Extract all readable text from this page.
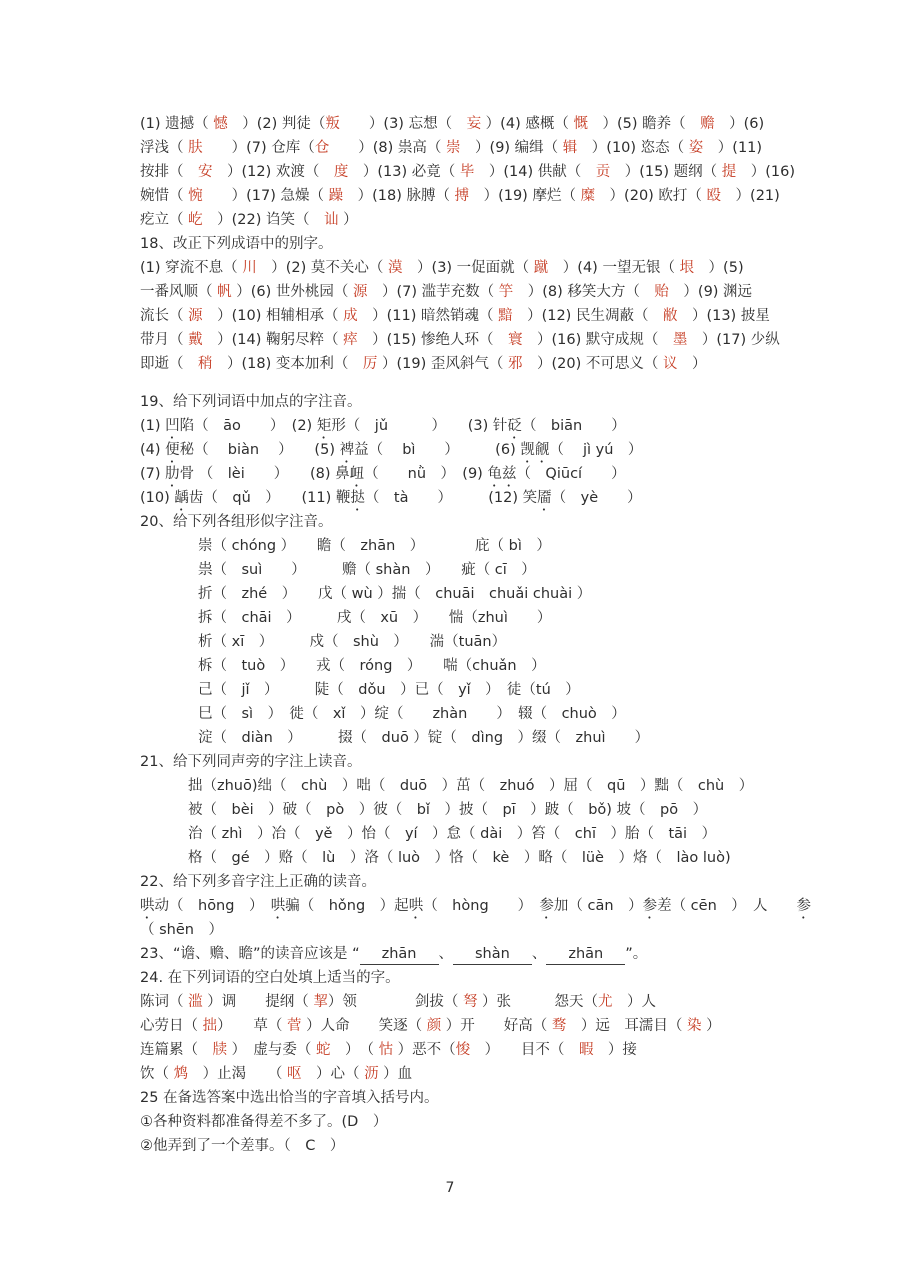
(1) 遗撼（ 憾　）(2) 判徒（叛　　）(3) 忘想（　妄 ）(4) 感概（ 慨　）(5) 瞻养（　赡　）(6)
浮浅（ 肤　　）(7) 仓库（仓　　）(8) 祟高（ 崇　）(9) 编缉（ 辑　）(10) 恣态（ 姿　）(11)
按排（　安　）(12) 欢渡（　度　）(13) 必竟（ 毕　）(14) 供献（　贡　）(15) 题纲（ 提　）(16)
婉惜（ 惋　　）(17) 急燥（ 躁　）(18) 脉膊（ 搏　）(19) 摩烂（ 糜　）(20) 欧打（ 殴　）(21)
疙立（ 屹　）(22) 诌笑（　讪 ）
18、改正下列成语中的别字。
(1) 穿流不息（ 川　）(2) 莫不关心（ 漠　）(3) 一促面就（ 蹴　）(4) 一望无银（ 垠　）(5)
一番风顺（ 帆 ）(6) 世外桃园（ 源　）(7) 滥芋充数（ 竽　）(8) 移笑大方（　贻　）(9) 渊远
流长（ 源　）(10) 相辅相承（ 成　）(11) 暗然销魂（ 黯　）(12) 民生凋蔽（　敝　）(13) 披星
带月（ 戴　）(14) 鞠躬尽粹（ 瘁　）(15) 惨绝人环（　寰　）(16) 默守成规（　墨　）(17) 少纵
即逝（　稍　）(18) 变本加利（　厉 ）(19) 歪风斜气（ 邪　）(20) 不可思义（ 议　）
19、给下列词语中加点的字注音。
(1) 凹陷（　āo　　）　(2) 矩形（　jǔ　　　）　　(3) 针砭（　biān　　）
(4) 便秘（　 biàn　 ）　　(5) 裨益（　 bì　　）　　　(6) 觊觎（　 jì yú　）
(7) 肋骨 （　lèi　　）　　(8) 鼻衄（　　nǜ　）　(9) 龟兹（　Qiūcí　　）
(10) 龋齿（　qǔ　）　　(11) 鞭挞（　tà　　）　　　(12) 笑靥（　yè　　）
20、给下列各组形似字注音。
崇（ chóng ）　　瞻（　zhān　）　　　　庇（ bì　）
祟（　suì　　）　　　赡（ shàn　）　　疵（ cī　）
折（　zhé　）　　戊（ wù ）揣（　chuāi　chuǎi chuài ）
拆（　chāi　）　　　戌（　xū　）　　惴（zhuì　　）
析（ xī　）　　　戍（　shù　）　　湍（tuān）
柝（　tuò　）　　戎（　róng　）　　喘（chuǎn　）
己（　jǐ　）　　　陡（　dǒu　）已（　yǐ　）　徒（tú　）
巳（　sì　）　徙（　xǐ　）绽（　　zhàn　　）　辍（　chuò　）
淀（　diàn　）　　　掇（　duō ）锭（　dìng　）缀（　zhuì　　）
21、给下列同声旁的字注上读音。
拙（zhuō)绌（　chù　）咄（　duō　）茁（　zhuó　）屈（　qū　）黜（　chù　）
被（　bèi　）破（　pò　）彼（　bǐ　）披（　pī　）跛（　bǒ) 坡（　pō　）
治（ zhì　）冶（　yě　）怡（　yí　）怠（ dài　）笞（　chī　）胎（　tāi　）
格（　gé　）赂（　lù　）洛（ luò　）恪（　kè　）略（　lüè　）烙（　lào luò)
22、给下列多音字注上正确的读音。
哄动（　hōng　）　哄骗（　hǒng　）起哄（　hòng　　）　参加（ cān　）参差（ cēn　）　人　　参
（ shēn　）
23、“谵、赡、瞻”的读音应该是 “ zhān 、 shàn 、 zhān ”。
24. 在下列词语的空白处填上适当的字。
陈词（ 滥 ）调　　提纲（ 挈）领　　　　剑拔（ 弩 ）张　　　怨天（尤　）人
心劳日（ 拙）　　草（ 菅 ）人命　　笑逐（ 颜 ）开　　好高（ 骛　）远　耳濡目（ 染 ）
连篇累（　牍 ）　虚与委（ 蛇　）　（ 怙 ）恶不（悛　）　　目不（　暇　）接
饮（ 鸩　）止渴　　（ 呕　）心（ 沥 ）血
25 在备选答案中选出恰当的字音填入括号内。
①各种资料都准备得差不多了。(D　）
②他弄到了一个差事。（　C　）
7
